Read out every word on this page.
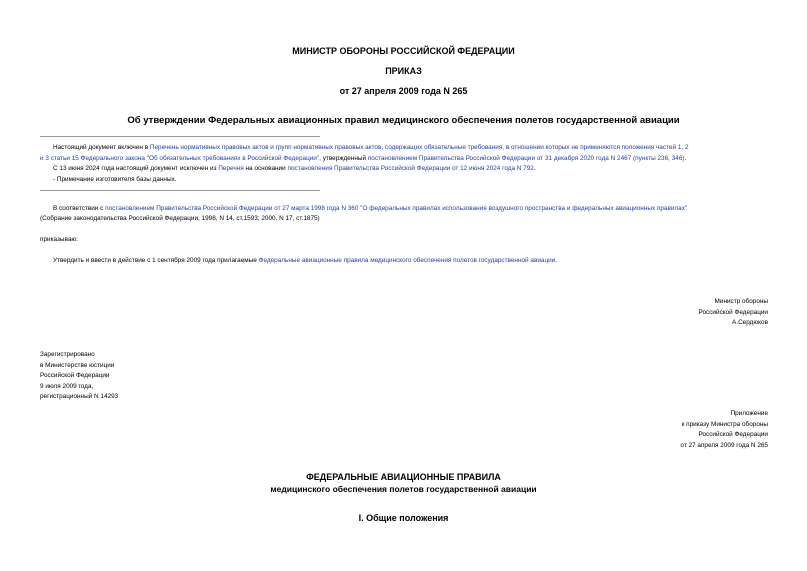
МИНИСТР ОБОРОНЫ РОССИЙСКОЙ ФЕДЕРАЦИИ
ПРИКАЗ
от 27 апреля 2009 года N 265
Об утверждении Федеральных авиационных правил медицинского обеспечения полетов государственной авиации
Настоящий документ включен в Перечень нормативных правовых актов и групп нормативных правовых актов, содержащих обязательные требования, в отношении которых не применяются положения частей 1, 2
и 3 статьи 15 Федерального закона "Об обязательных требованиях в Российской Федерации", утвержденный постановлением Правительства Российской Федерации от 31 декабря 2020 года N 2467 (пункты 236, 346).
С 13 июня 2024 года настоящий документ исключен из Перечня на основании постановления Правительства Российской Федерации от 12 июня 2024 года N 792.
- Примечание изготовителя базы данных.
В соответствии с постановлением Правительства Российской Федерации от 27 марта 1998 года N 360 "О федеральных правилах использования воздушного пространства и федеральных авиационных правилах"
(Собрание законодательства Российской Федерации, 1998, N 14, ст.1593; 2000, N 17, ст.1875)
приказываю:
Утвердить и ввести в действие с 1 сентября 2009 года прилагаемые Федеральные авиационные правила медицинского обеспечения полетов государственной авиации.
Министр обороны
Российской Федерации
А.Сердюков
Зарегистрировано
в Министерстве юстиции
Российской Федерации
9 июля 2009 года,
регистрационный N 14293
Приложение
к приказу Министра обороны
Российской Федерации
от 27 апреля 2009 года N 265
ФЕДЕРАЛЬНЫЕ АВИАЦИОННЫЕ ПРАВИЛА
медицинского обеспечения полетов государственной авиации
I. Общие положения
